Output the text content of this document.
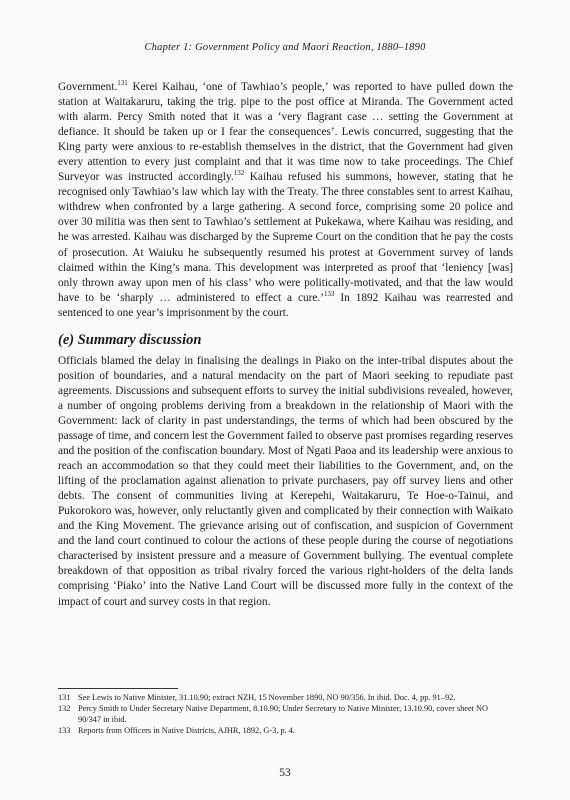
Chapter 1: Government Policy and Maori Reaction, 1880–1890

Government.$^{131}$ Kerei Kaihau, ‘one of Tawhiao’s people,’ was reported to have pulled down the station at Waitakaruru, taking the trig. pipe to the post office at Miranda. The Government acted with alarm. Percy Smith noted that it was a ‘very flagrant case … setting the Government at defiance. It should be taken up or I fear the consequences’. Lewis concurred, suggesting that the King party were anxious to re-establish themselves in the district, that the Government had given every attention to every just complaint and that it was time now to take proceedings. The Chief Surveyor was instructed accordingly.$^{132}$ Kaihau refused his summons, however, stating that he recognised only Tawhiao’s law which lay with the Treaty. The three constables sent to arrest Kaihau, withdrew when confronted by a large gathering. A second force, comprising some 20 police and over 30 militia was then sent to Tawhiao’s settlement at Pukekawa, where Kaihau was residing, and he was arrested. Kaihau was discharged by the Supreme Court on the condition that he pay the costs of prosecution. At Waiuku he subsequently resumed his protest at Government survey of lands claimed within the King’s mana. This development was interpreted as proof that ‘leniency [was] only thrown away upon men of his class’ who were politically-motivated, and that the law would have to be ‘sharply … administered to effect a cure.’$^{133}$ In 1892 Kaihau was rearrested and sentenced to one year’s imprisonment by the court.

(e) Summary discussion

Officials blamed the delay in finalising the dealings in Piako on the inter-tribal disputes about the position of boundaries, and a natural mendacity on the part of Maori seeking to repudiate past agreements. Discussions and subsequent efforts to survey the initial subdivisions revealed, however, a number of ongoing problems deriving from a breakdown in the relationship of Maori with the Government: lack of clarity in past understandings, the terms of which had been obscured by the passage of time, and concern lest the Government failed to observe past promises regarding reserves and the position of the confiscation boundary. Most of Ngati Paoa and its leadership were anxious to reach an accommodation so that they could meet their liabilities to the Government, and, on the lifting of the proclamation against alienation to private purchasers, pay off survey liens and other debts. The consent of communities living at Kerepehi, Waitakaruru, Te Hoe-o-Tainui, and Pukorokoro was, however, only reluctantly given and complicated by their connection with Waikato and the King Movement. The grievance arising out of confiscation, and suspicion of Government and the land court continued to colour the actions of these people during the course of negotiations characterised by insistent pressure and a measure of Government bullying. The eventual complete breakdown of that opposition as tribal rivalry forced the various right-holders of the delta lands comprising ‘Piako’ into the Native Land Court will be discussed more fully in the context of the impact of court and survey costs in that region.

131 See Lewis to Native Minister, 31.10.90; extract NZH, 15 November 1890, NO 90/356. In ibid. Doc. 4, pp. 91–92.
132 Percy Smith to Under Secretary Native Department, 8.10.90; Under Secretary to Native Minister, 13.10.90, cover sheet NO 90/347 in ibid.
133 Reports from Officers in Native Districts, AJHR, 1892, G-3, p. 4.
53
